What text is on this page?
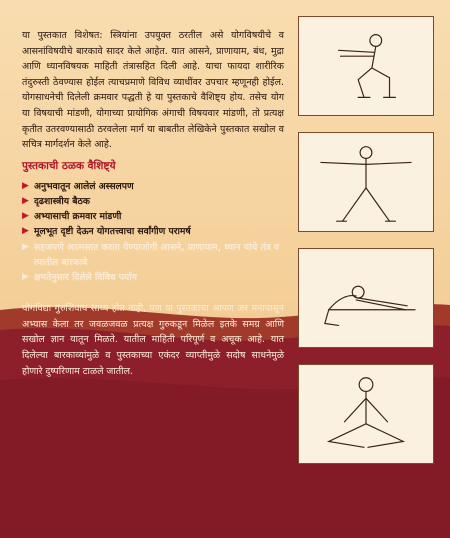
या पुस्तकात विशेषत: स्त्रियांना उपयुक्त ठरतील असे योगविषयीचे व आसनांविषयीचे बारकावे सादर केले आहेत. यात आसने, प्राणायाम, बंध, मुद्रा आणि ध्यानविषयक माहिती तंत्रासहित दिली आहे. याचा फायदा शारीरिक तंदुरुस्ती ठेवण्यास होईल त्याचप्रमाणे विविध व्याधींवर उपचार म्हणूनही होईल. योगसाधनेची दिलेली क्रमवार पद्धती हे या पुस्तकाचे वैशिष्ट्य होय. तसेच योग या विषयाची मांडणी, योगाच्या प्रायोगिक अंगाची विषयवार मांडणी, तो प्रत्यक्ष कृतीत उतरवण्यासाठी ठरवलेला मार्ग या बाबतीत लेखिकेने पुस्तकात सखोल व सचित्र मार्गदर्शन केले आहे.

पुस्तकाची ठळक वैशिष्ट्ये
▶ अनुभवातून आलेलं अस्सलपण
▶ दृढशास्त्रीय बैठक
▶ अभ्यासाची क्रमवार मांडणी
▶ मूलभूत दृष्टी देऊन योगतत्त्वाचा सर्वांगीण परामर्ष
▶ सहजपणे आत्मसात करता येण्याजोगी आसने, प्राणायाम, ध्यान यांचे तंत्र व त्यातील बारकावे
▶ क्षमतेनुसार दिलेले विविध पर्याय

योगविद्या गुरुशिवाय साध्य होत नाही, पण या पुस्तकाचा आपण जर मनापासून अभ्यास केला तर जवळजवळ प्रत्यक्ष गुरुकडून मिळेल इतके समग्र आणि सखोल ज्ञान यातून मिळते. यातील माहिती परिपूर्ण व अचूक आहे. यात दिलेल्या बारकाव्यांमुळे व पुस्तकाच्या एकंदर व्याप्तीमुळे सदोष साधनेमुळे होणारे दुष्परिणाम टाळले जातील.
